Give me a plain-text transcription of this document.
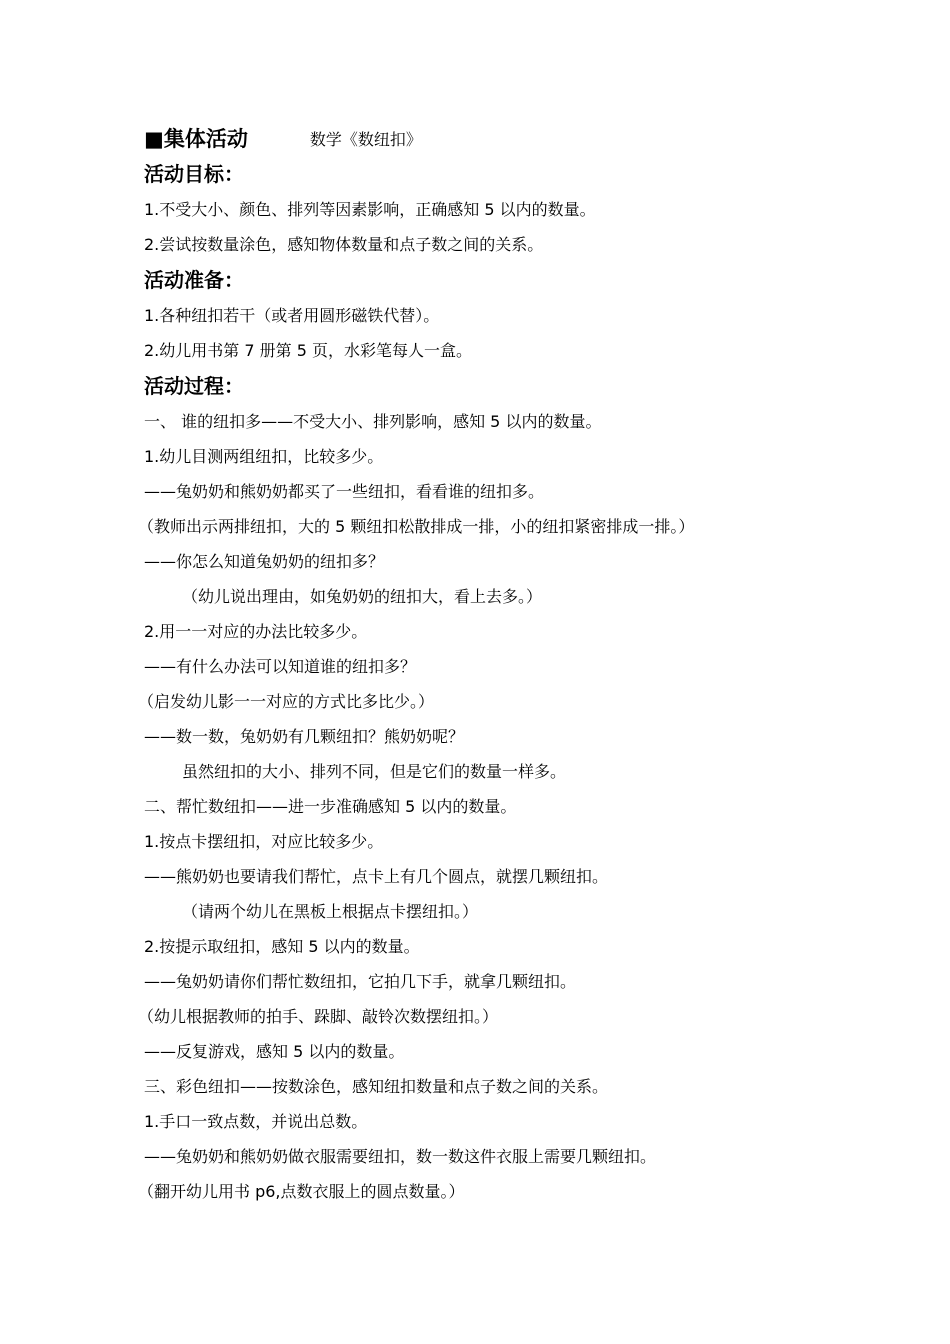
■集体活动	数学《数纽扣》
活动目标：
1.不受大小、颜色、排列等因素影响，正确感知 5 以内的数量。
2.尝试按数量涂色，感知物体数量和点子数之间的关系。
活动准备：
1.各种纽扣若干（或者用圆形磁铁代替）。
2.幼儿用书第 7 册第 5 页，水彩笔每人一盒。
活动过程：
一、 谁的纽扣多——不受大小、排列影响，感知 5 以内的数量。
1.幼儿目测两组纽扣，比较多少。
——兔奶奶和熊奶奶都买了一些纽扣，看看谁的纽扣多。
（教师出示两排纽扣，大的 5 颗纽扣松散排成一排，小的纽扣紧密排成一排。）
——你怎么知道兔奶奶的纽扣多？
（幼儿说出理由，如兔奶奶的纽扣大，看上去多。）
2.用一一对应的办法比较多少。
——有什么办法可以知道谁的纽扣多？
（启发幼儿影一一对应的方式比多比少。）
——数一数，兔奶奶有几颗纽扣？熊奶奶呢？
虽然纽扣的大小、排列不同，但是它们的数量一样多。
二、帮忙数纽扣——进一步准确感知 5 以内的数量。
1.按点卡摆纽扣，对应比较多少。
——熊奶奶也要请我们帮忙，点卡上有几个圆点，就摆几颗纽扣。
（请两个幼儿在黑板上根据点卡摆纽扣。）
2.按提示取纽扣，感知 5 以内的数量。
——兔奶奶请你们帮忙数纽扣，它拍几下手，就拿几颗纽扣。
（幼儿根据教师的拍手、跺脚、敲铃次数摆纽扣。）
——反复游戏，感知 5 以内的数量。
三、彩色纽扣——按数涂色，感知纽扣数量和点子数之间的关系。
1.手口一致点数，并说出总数。
——兔奶奶和熊奶奶做衣服需要纽扣，数一数这件衣服上需要几颗纽扣。
（翻开幼儿用书 p6,点数衣服上的圆点数量。）
